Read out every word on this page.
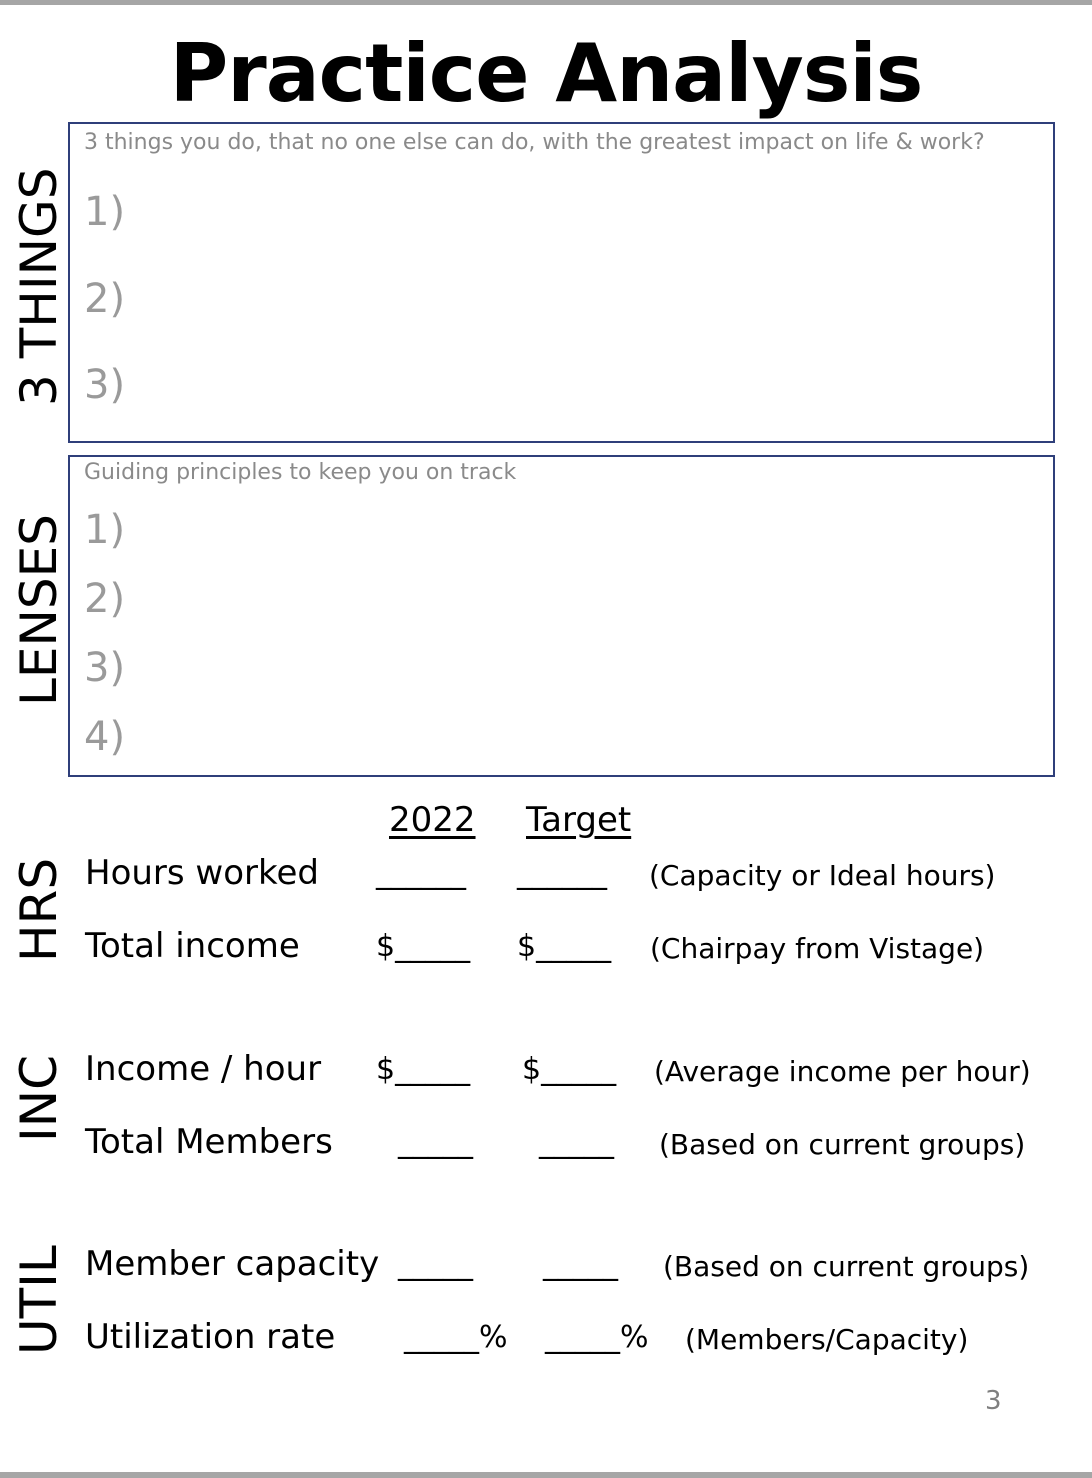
Practice Analysis
3 THINGS
3 things you do, that no one else can do, with the greatest impact on life & work?
1)
2)
3)
LENSES
Guiding principles to keep you on track
1)
2)
3)
4)
2022 Target
HRS Hours worked ______ ______ (Capacity or Ideal hours)
Total income	$_____ $_____ (Chairpay from Vistage)
INC Income / hour $_____ $_____ (Average income per hour)
Total Members _____ _____ (Based on current groups)
UTIL Member capacity _____ _____ (Based on current groups)
Utilization rate _____% _____% (Members/Capacity)
3
